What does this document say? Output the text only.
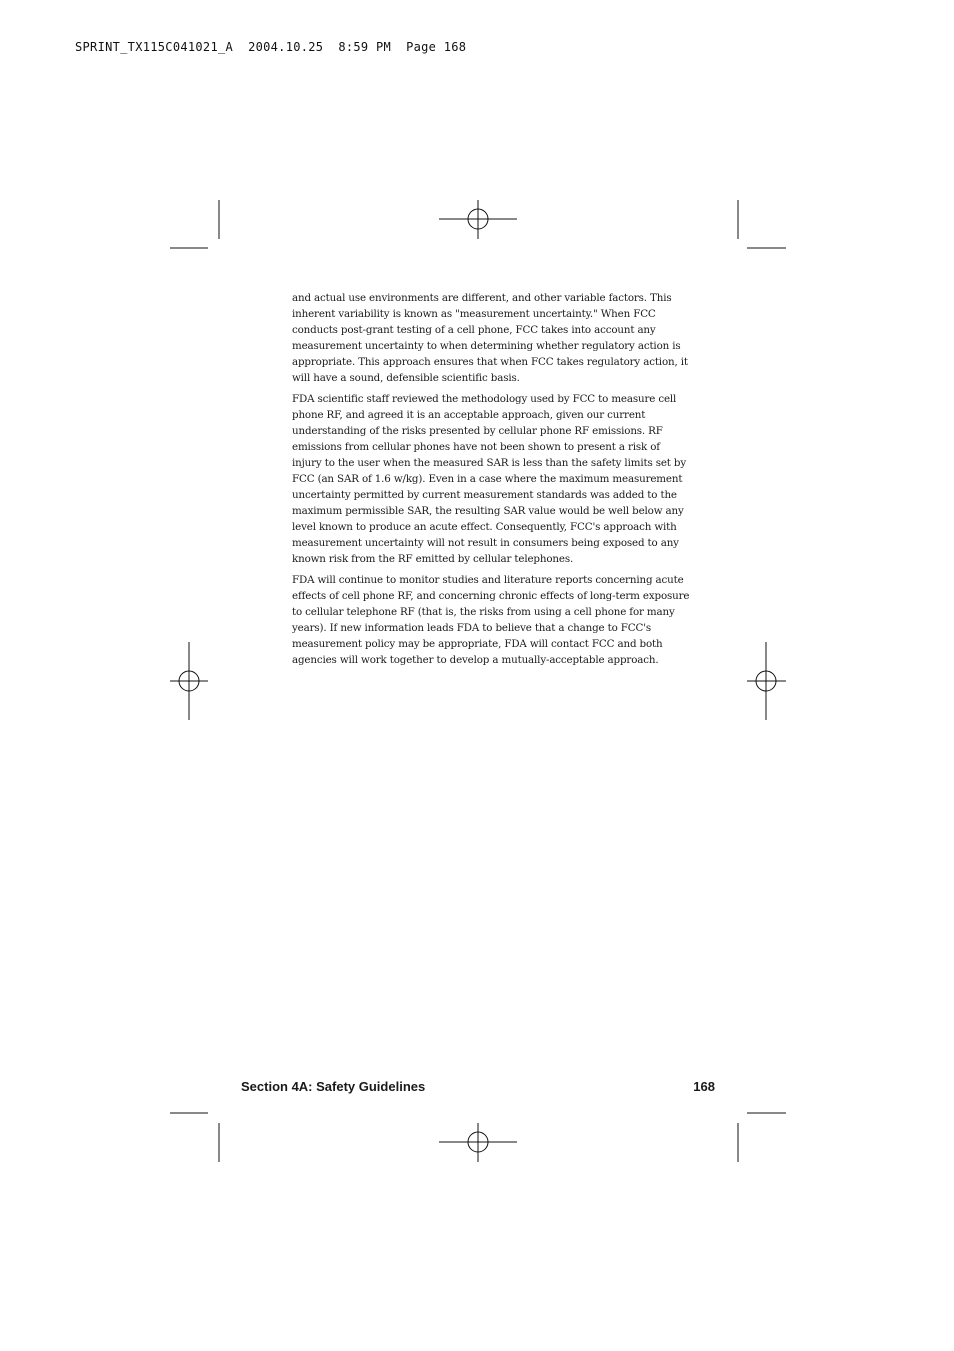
SPRINT_TX115C041021_A  2004.10.25  8:59 PM  Page 168

and actual use environments are different, and other variable factors. This inherent variability is known as "measurement uncertainty." When FCC conducts post-grant testing of a cell phone, FCC takes into account any measurement uncertainty to when determining whether regulatory action is appropriate. This approach ensures that when FCC takes regulatory action, it will have a sound, defensible scientific basis.

FDA scientific staff reviewed the methodology used by FCC to measure cell phone RF, and agreed it is an acceptable approach, given our current understanding of the risks presented by cellular phone RF emissions. RF emissions from cellular phones have not been shown to present a risk of injury to the user when the measured SAR is less than the safety limits set by FCC (an SAR of 1.6 w/kg). Even in a case where the maximum measurement uncertainty permitted by current measurement standards was added to the maximum permissible SAR, the resulting SAR value would be well below any level known to produce an acute effect. Consequently, FCC's approach with measurement uncertainty will not result in consumers being exposed to any known risk from the RF emitted by cellular telephones.

FDA will continue to monitor studies and literature reports concerning acute effects of cell phone RF, and concerning chronic effects of long-term exposure to cellular telephone RF (that is, the risks from using a cell phone for many years). If new information leads FDA to believe that a change to FCC's measurement policy may be appropriate, FDA will contact FCC and both agencies will work together to develop a mutually-acceptable approach.

Section 4A: Safety Guidelines	168
